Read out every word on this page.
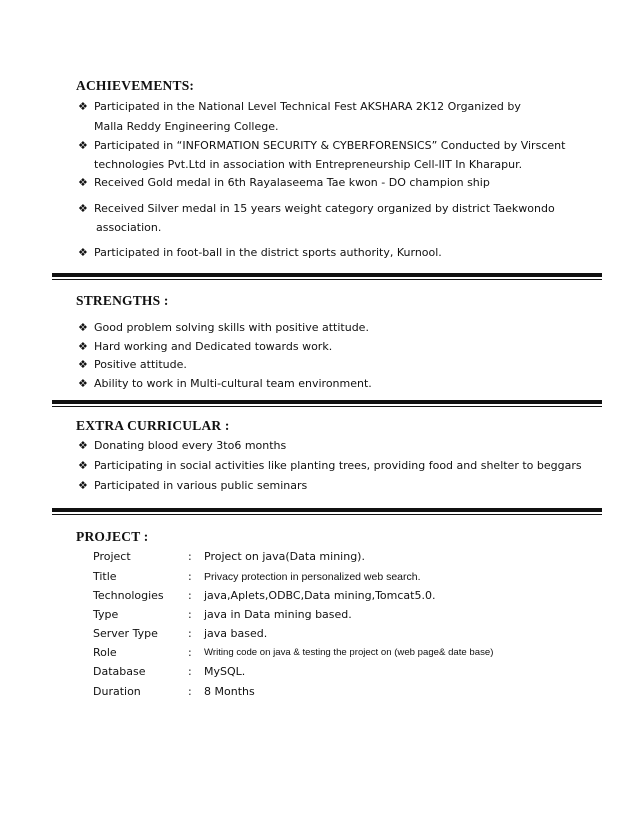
ACHIEVEMENTS:
❖ Participated in the National Level Technical Fest AKSHARA 2K12 Organized by
Malla Reddy Engineering College.
❖ Participated in “INFORMATION SECURITY & CYBERFORENSICS” Conducted by Virscent
technologies Pvt.Ltd in association with Entrepreneurship Cell-IIT In Kharapur.
❖ Received Gold medal in 6th Rayalaseema Tae kwon - DO champion ship
❖ Received Silver medal in 15 years weight category organized by district Taekwondo
association.
❖ Participated in foot-ball in the district sports authority, Kurnool.
STRENGTHS :
❖ Good problem solving skills with positive attitude.
❖ Hard working and Dedicated towards work.
❖ Positive attitude.
❖ Ability to work in Multi-cultural team environment.
EXTRA CURRICULAR :
❖ Donating blood every 3to6 months
❖ Participating in social activities like planting trees, providing food and shelter to beggars
❖ Participated in various public seminars
PROJECT :
Project	: Project on java(Data mining).
Title	: Privacy protection in personalized web search.
Technologies : java,Aplets,ODBC,Data mining,Tomcat5.0.
Type	: java in Data mining based.
Server Type	: java based.
Role	: Writing code on java & testing the project on (web page& date base)
Database	: MySQL.
Duration	: 8 Months
